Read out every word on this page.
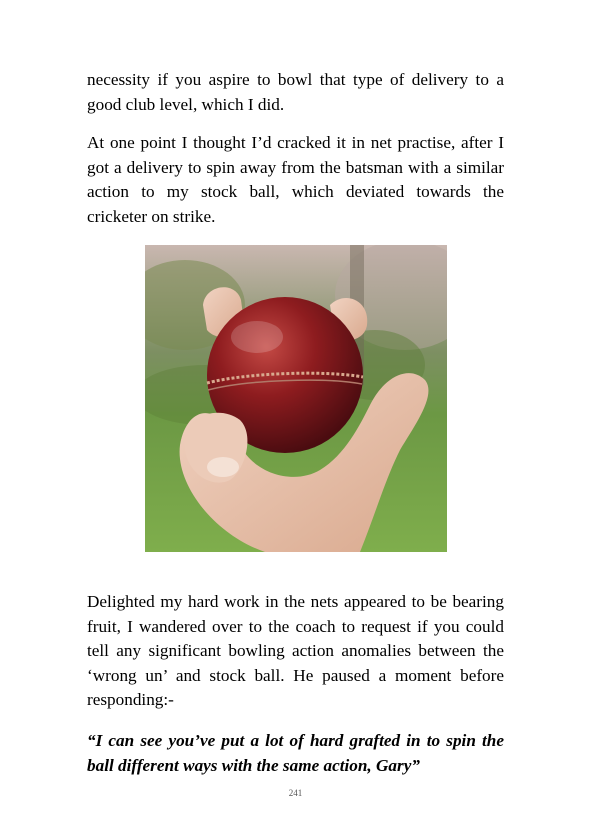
necessity if you aspire to bowl that type of delivery to a good club level, which I did.

At one point I thought I’d cracked it in net practise, after I got a delivery to spin away from the batsman with a similar action to my stock ball, which deviated towards the cricketer on strike.

Delighted my hard work in the nets appeared to be bearing fruit, I wandered over to the coach to request if you could tell any significant bowling action anomalies between the ‘wrong un’ and stock ball. He paused a moment before responding:-

“I can see you’ve put a lot of hard grafted in to spin the ball different ways with the same action, Gary”

241
